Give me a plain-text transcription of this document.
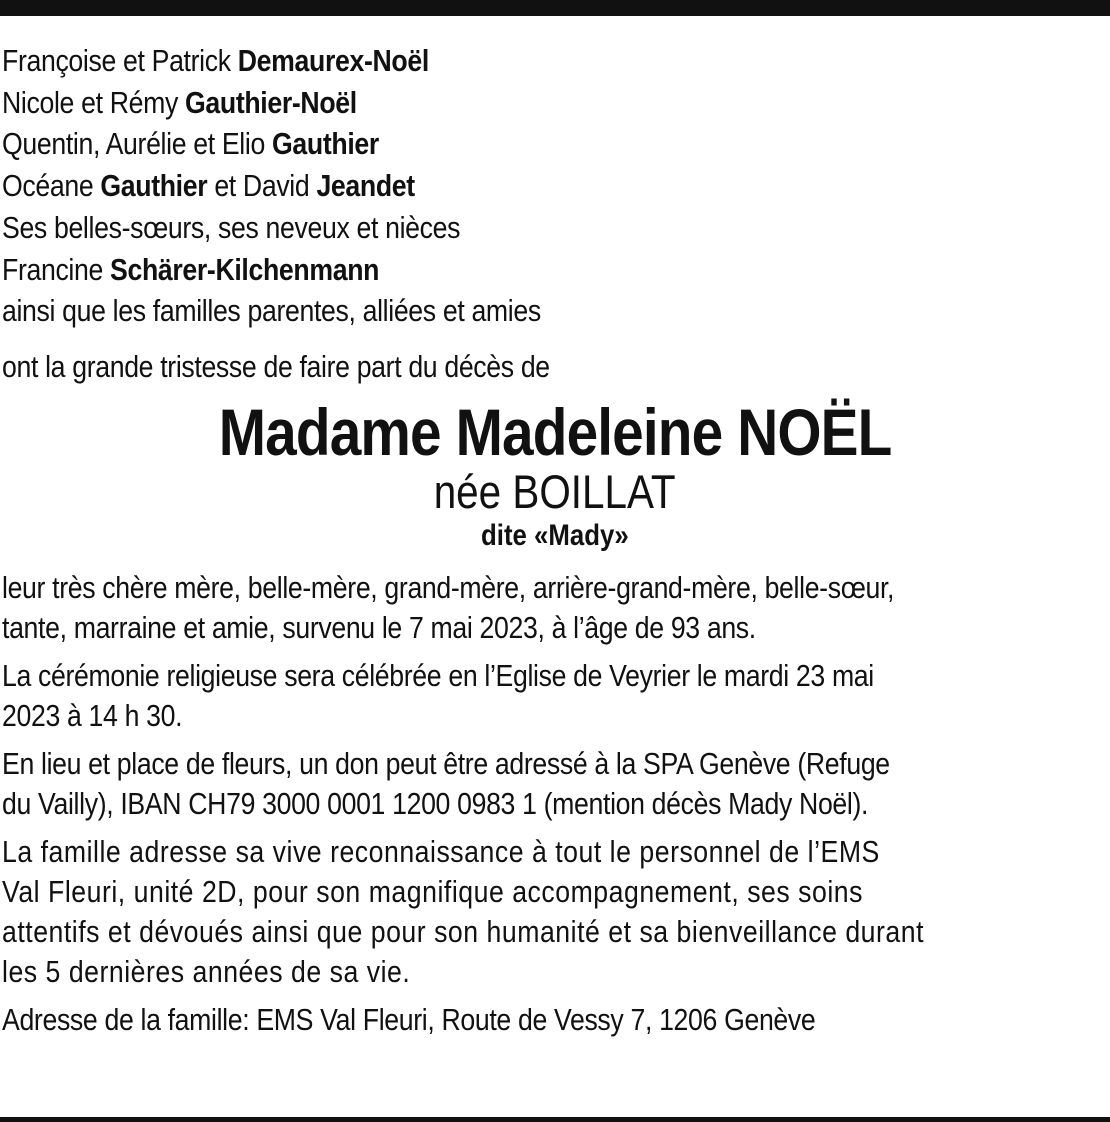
Françoise et Patrick Demaurex-Noël
Nicole et Rémy Gauthier-Noël
Quentin, Aurélie et Elio Gauthier
Océane Gauthier et David Jeandet
Ses belles-sœurs, ses neveux et nièces
Francine Schärer-Kilchenmann
ainsi que les familles parentes, alliées et amies
ont la grande tristesse de faire part du décès de
Madame Madeleine NOËL
née BOILLAT
dite «Mady»
leur très chère mère, belle-mère, grand-mère, arrière-grand-mère, belle-sœur,
tante, marraine et amie, survenu le 7 mai 2023, à l’âge de 93 ans.
La cérémonie religieuse sera célébrée en l’Eglise de Veyrier le mardi 23 mai
2023 à 14 h 30.
En lieu et place de fleurs, un don peut être adressé à la SPA Genève (Refuge
du Vailly), IBAN CH79 3000 0001 1200 0983 1 (mention décès Mady Noël).
La famille adresse sa vive reconnaissance à tout le personnel de l’EMS
Val Fleuri, unité 2D, pour son magnifique accompagnement, ses soins
attentifs et dévoués ainsi que pour son humanité et sa bienveillance durant
les 5 dernières années de sa vie.
Adresse de la famille: EMS Val Fleuri, Route de Vessy 7, 1206 Genève
